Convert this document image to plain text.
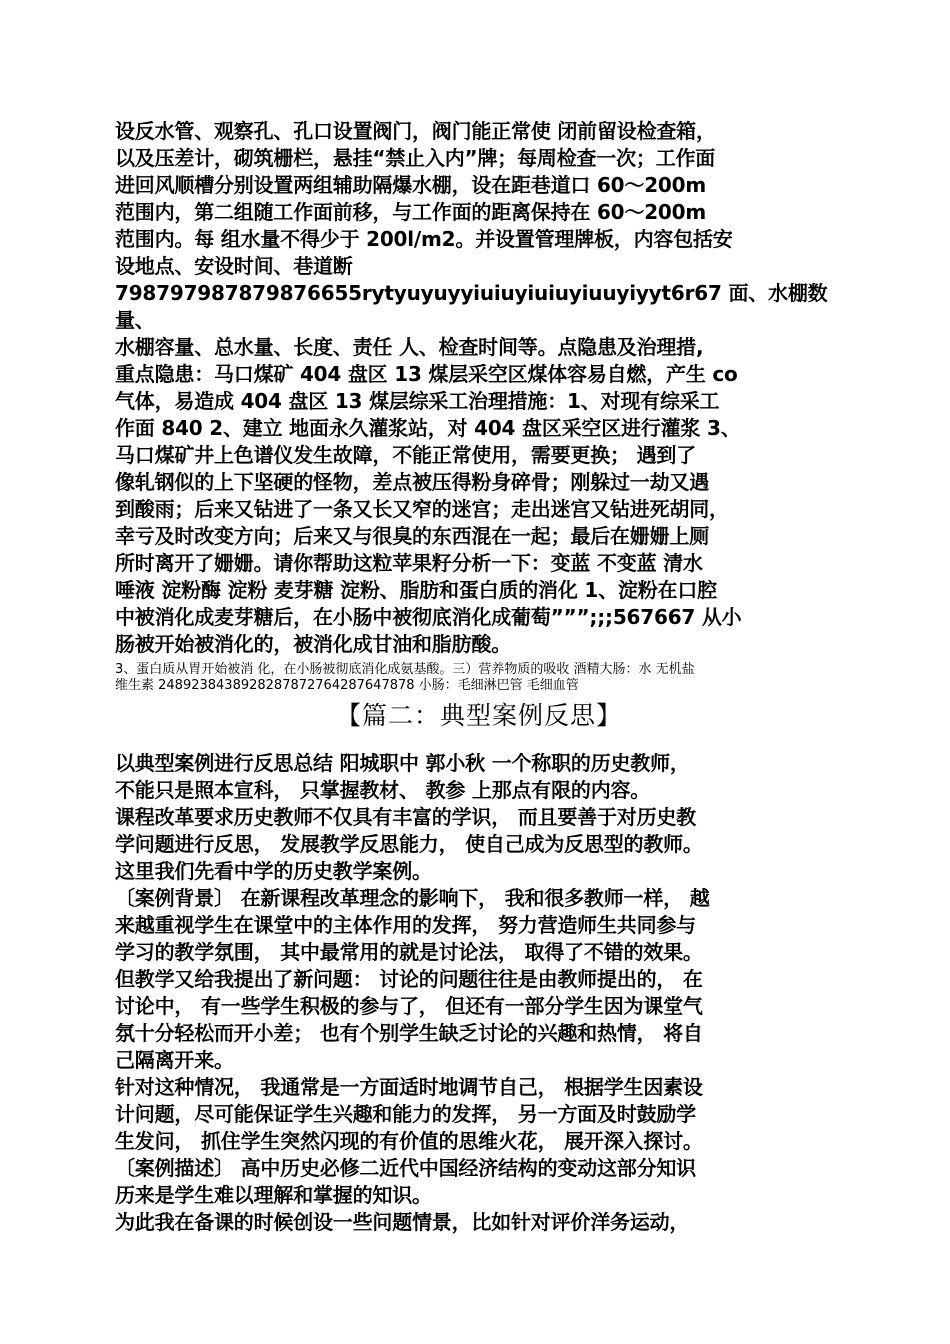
设反水管、观察孔、孔口设置阀门，阀门能正常使 闭前留设检查箱，
以及压差计，砌筑栅栏，悬挂“禁止入内”牌；每周检查一次；工作面
进回风顺槽分别设置两组辅助隔爆水棚，设在距巷道口 60～200m
范围内，第二组随工作面前移，与工作面的距离保持在 60～200m
范围内。每 组水量不得少于 200l/m2。并设置管理牌板，内容包括安
设地点、安设时间、巷道断
79879798787987665​5rytyuyuyyiuiuyiuiuyiuuyiyyt6r67 面、水棚数量、
水棚容量、总水量、长度、责任 人、检查时间等。点隐患及治理措,
重点隐患：马口煤矿 404 盘区 13 煤层采空区煤体容易自燃，产生 co
气体，易造成 404 盘区 13 煤层综采工治理措施：1、对现有综采工
作面 840 2、建立 地面永久灌浆站，对 404 盘区采空区进行灌浆 3、
马口煤矿井上色谱仪发生故障，不能正常使用，需要更换； 遇到了
像轧钢似的上下坚硬的怪物，差点被压得粉身碎骨；刚躲过一劫又遇
到酸雨；后来又钻进了一条又长又窄的迷宫；走出迷宫又钻进死胡同，
幸亏及时改变方向；后来又与很臭的东西混在一起；最后在姗姗上厕
所时离开了姗姗。请你帮助这粒苹果籽分析一下：变蓝 不变蓝 清水
唾液 淀粉酶 淀粉 麦芽糖 淀粉、脂肪和蛋白质的消化 1、淀粉在口腔
中被消化成麦芽糖后，在小肠中被彻底消化成葡萄”””;;;567667 从小
肠被开始被消化的，被消化成甘油和脂肪酸。
3、蛋白质从胃开始被消 化，在小肠被彻底消化成氨基酸。三）营养物质的吸收 酒精大肠：水 无机盐
维生素 248923843892828787276428764787​8 小肠：毛细淋巴管 毛细血管
【篇二：典型案例反思】
以典型案例进行反思总结 阳城职中 郭小秋 一个称职的历史教师，
不能只是照本宣科， 只掌握教材、 教参 上那点有限的内容。
课程改革要求历史教师不仅具有丰富的学识， 而且要善于对历史教
学问题进行反思， 发展教学反思能力， 使自己成为反思型的教师。
这里我们先看中学的历史教学案例。
〔案例背景〕 在新课程改革理念的影响下， 我和很多教师一样， 越
来越重视学生在课堂中的主体作用的发挥， 努力营造师生共同参与
学习的教学氛围， 其中最常用的就是讨论法， 取得了不错的效果。
但教学又给我提出了新问题： 讨论的问题往往是由教师提出的， 在
讨论中， 有一些学生积极的参与了， 但还有一部分学生因为课堂气
氛十分轻松而开小差； 也有个别学生缺乏讨论的兴趣和热情， 将自
己隔离开来。
针对这种情况， 我通常是一方面适时地调节自己， 根据学生因素设
计问题，尽可能保证学生兴趣和能力的发挥， 另一方面及时鼓励学
生发问， 抓住学生突然闪现的有价值的思维火花， 展开深入探讨。
〔案例描述〕 高中历史必修二近代中国经济结构的变动这部分知识
历来是学生难以理解和掌握的知识。
为此我在备课的时候创设一些问题情景，比如针对评价洋务运动，
